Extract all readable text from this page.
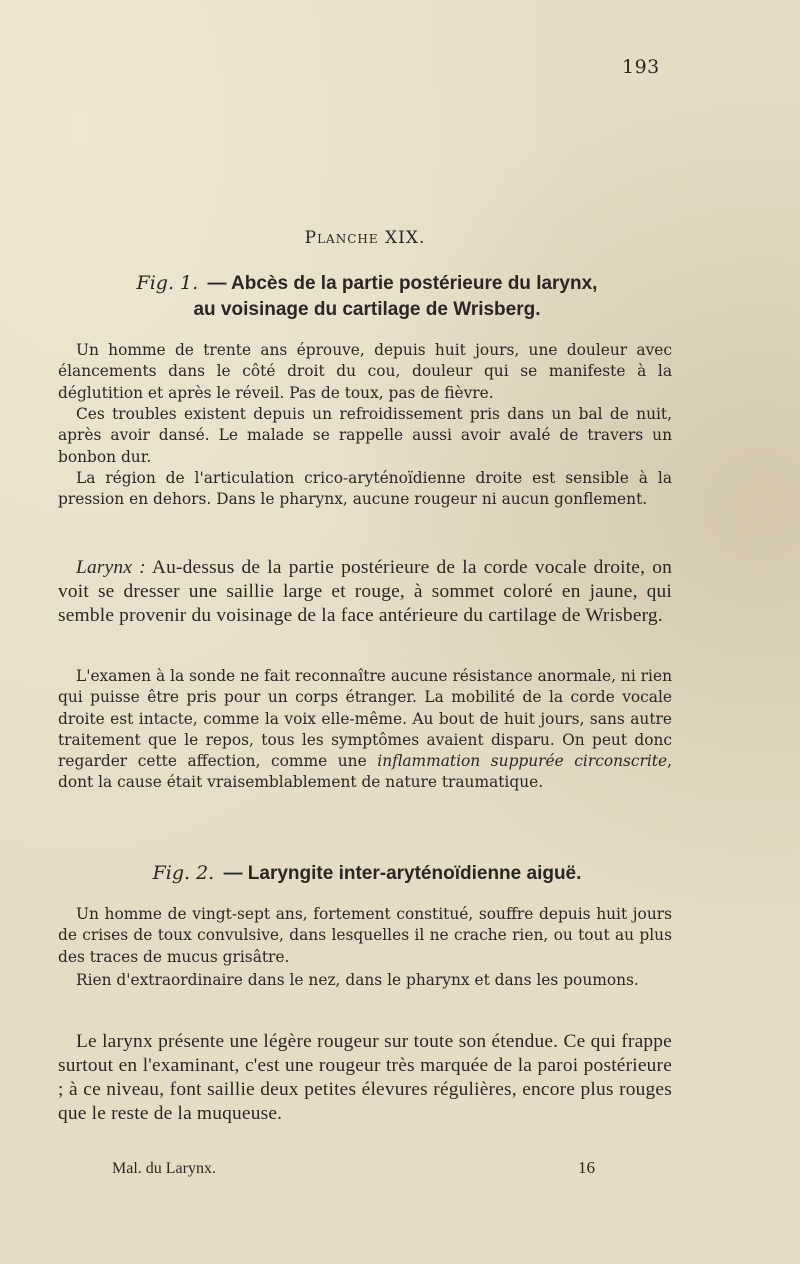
193
Planche XIX.
Fig. 1. — Abcès de la partie postérieure du larynx,
au voisinage du cartilage de Wrisberg.

Un homme de trente ans éprouve, depuis huit jours, une douleur avec élancements dans le côté droit du cou, douleur qui se manifeste à la déglutition et après le réveil. Pas de toux, pas de fièvre.

Ces troubles existent depuis un refroidissement pris dans un bal de nuit, après avoir dansé. Le malade se rappelle aussi avoir avalé de travers un bonbon dur.

La région de l'articulation crico-aryténoïdienne droite est sensible à la pression en dehors. Dans le pharynx, aucune rougeur ni aucun gonflement.

Larynx : Au-dessus de la partie postérieure de la corde vocale droite, on voit se dresser une saillie large et rouge, à sommet coloré en jaune, qui semble provenir du voisinage de la face antérieure du cartilage de Wrisberg.

L'examen à la sonde ne fait reconnaître aucune résistance anormale, ni rien qui puisse être pris pour un corps étranger. La mobilité de la corde vocale droite est intacte, comme la voix elle-même. Au bout de huit jours, sans autre traitement que le repos, tous les symptômes avaient disparu. On peut donc regarder cette affection, comme une inflammation suppurée circonscrite, dont la cause était vraisemblablement de nature traumatique.

Fig. 2. — Laryngite inter-aryténoïdienne aiguë.

Un homme de vingt-sept ans, fortement constitué, souffre depuis huit jours de crises de toux convulsive, dans lesquelles il ne crache rien, ou tout au plus des traces de mucus grisâtre.

Rien d'extraordinaire dans le nez, dans le pharynx et dans les poumons.

Le larynx présente une légère rougeur sur toute son étendue. Ce qui frappe surtout en l'examinant, c'est une rougeur très marquée de la paroi postérieure ; à ce niveau, font saillie deux petites élevures régulières, encore plus rouges que le reste de la muqueuse.

Mal. du Larynx.	16
